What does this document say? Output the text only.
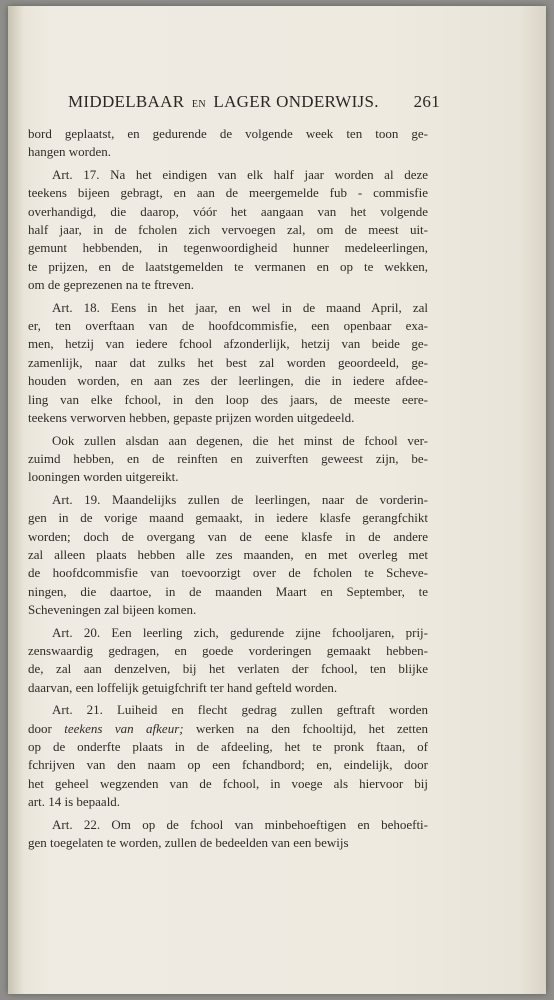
MIDDELBAAR EN LAGER ONDERWIJS. 261

bord geplaatst, en gedurende de volgende week ten toon ge-
hangen worden.

Art. 17. Na het eindigen van elk half jaar worden al deze
teekens bijeen gebragt, en aan de meergemelde fub - commisfie
overhandigd, die daarop, vóór het aangaan van het volgende
half jaar, in de fcholen zich vervoegen zal, om de meest uit-
gemunt hebbenden, in tegenwoordigheid hunner medeleerlingen,
te prijzen, en de laatstgemelden te vermanen en op te wekken,
om de geprezenen na te ftreven.

Art. 18. Eens in het jaar, en wel in de maand April, zal
er, ten overftaan van de hoofdcommisfie, een openbaar exa-
men, hetzij van iedere fchool afzonderlijk, hetzij van beide ge-
zamenlijk, naar dat zulks het best zal worden geoordeeld, ge-
houden worden, en aan zes der leerlingen, die in iedere afdee-
ling van elke fchool, in den loop des jaars, de meeste eere-
teekens verworven hebben, gepaste prijzen worden uitgedeeld.

Ook zullen alsdan aan degenen, die het minst de fchool ver-
zuimd hebben, en de reinften en zuiverften geweest zijn, be-
looningen worden uitgereikt.

Art. 19. Maandelijks zullen de leerlingen, naar de vorderin-
gen in de vorige maand gemaakt, in iedere klasfe gerangfchikt
worden; doch de overgang van de eene klasfe in de andere
zal alleen plaats hebben alle zes maanden, en met overleg met
de hoofdcommisfie van toevoorzigt over de fcholen te Scheve-
ningen, die daartoe, in de maanden Maart en September, te
Scheveningen zal bijeen komen.

Art. 20. Een leerling zich, gedurende zijne fchooljaren, prij-
zenswaardig gedragen, en goede vorderingen gemaakt hebben-
de, zal aan denzelven, bij het verlaten der fchool, ten blijke
daarvan, een loffelijk getuigfchrift ter hand gefteld worden.

Art. 21. Luiheid en flecht gedrag zullen geftraft worden
door teekens van afkeur; werken na den fchooltijd, het zetten
op de onderfte plaats in de afdeeling, het te pronk ftaan, of
fchrijven van den naam op een fchandbord; en, eindelijk, door
het geheel wegzenden van de fchool, in voege als hiervoor bij
art. 14 is bepaald.

Art. 22. Om op de fchool van minbehoeftigen en behoefti-
gen toegelaten te worden, zullen de bedeelden van een bewijs
